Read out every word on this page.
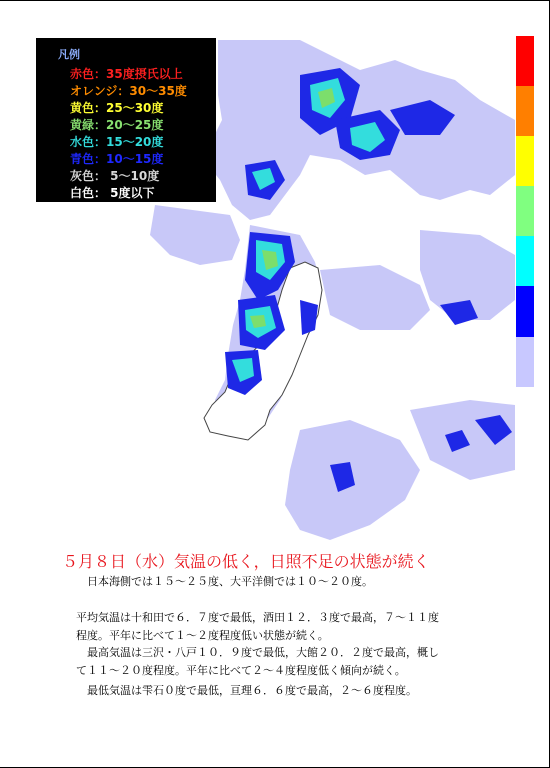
凡例
赤色：35度摂氏以上
オレンジ：30～35度
黄色：25～30度
黄緑：20～25度
水色：15～20度
青色：10～15度
灰色： 5～10度
白色： 5度以下
５月８日（水）気温の低く，日照不足の状態が続く
日本海側では１５～２５度、大平洋側では１０～２０度。
平均気温は十和田で６．７度で最低，酒田１２．３度で最高，７～１１度
程度。平年に比べて１～２度程度低い状態が続く。
最高気温は三沢・八戸１０．９度で最低，大館２０．２度で最高，概し
て１１～２０度程度。平年に比べて２～４度程度低く傾向が続く。
最低気温は雫石０度で最低，亘理６．６度で最高，２～６度程度。
